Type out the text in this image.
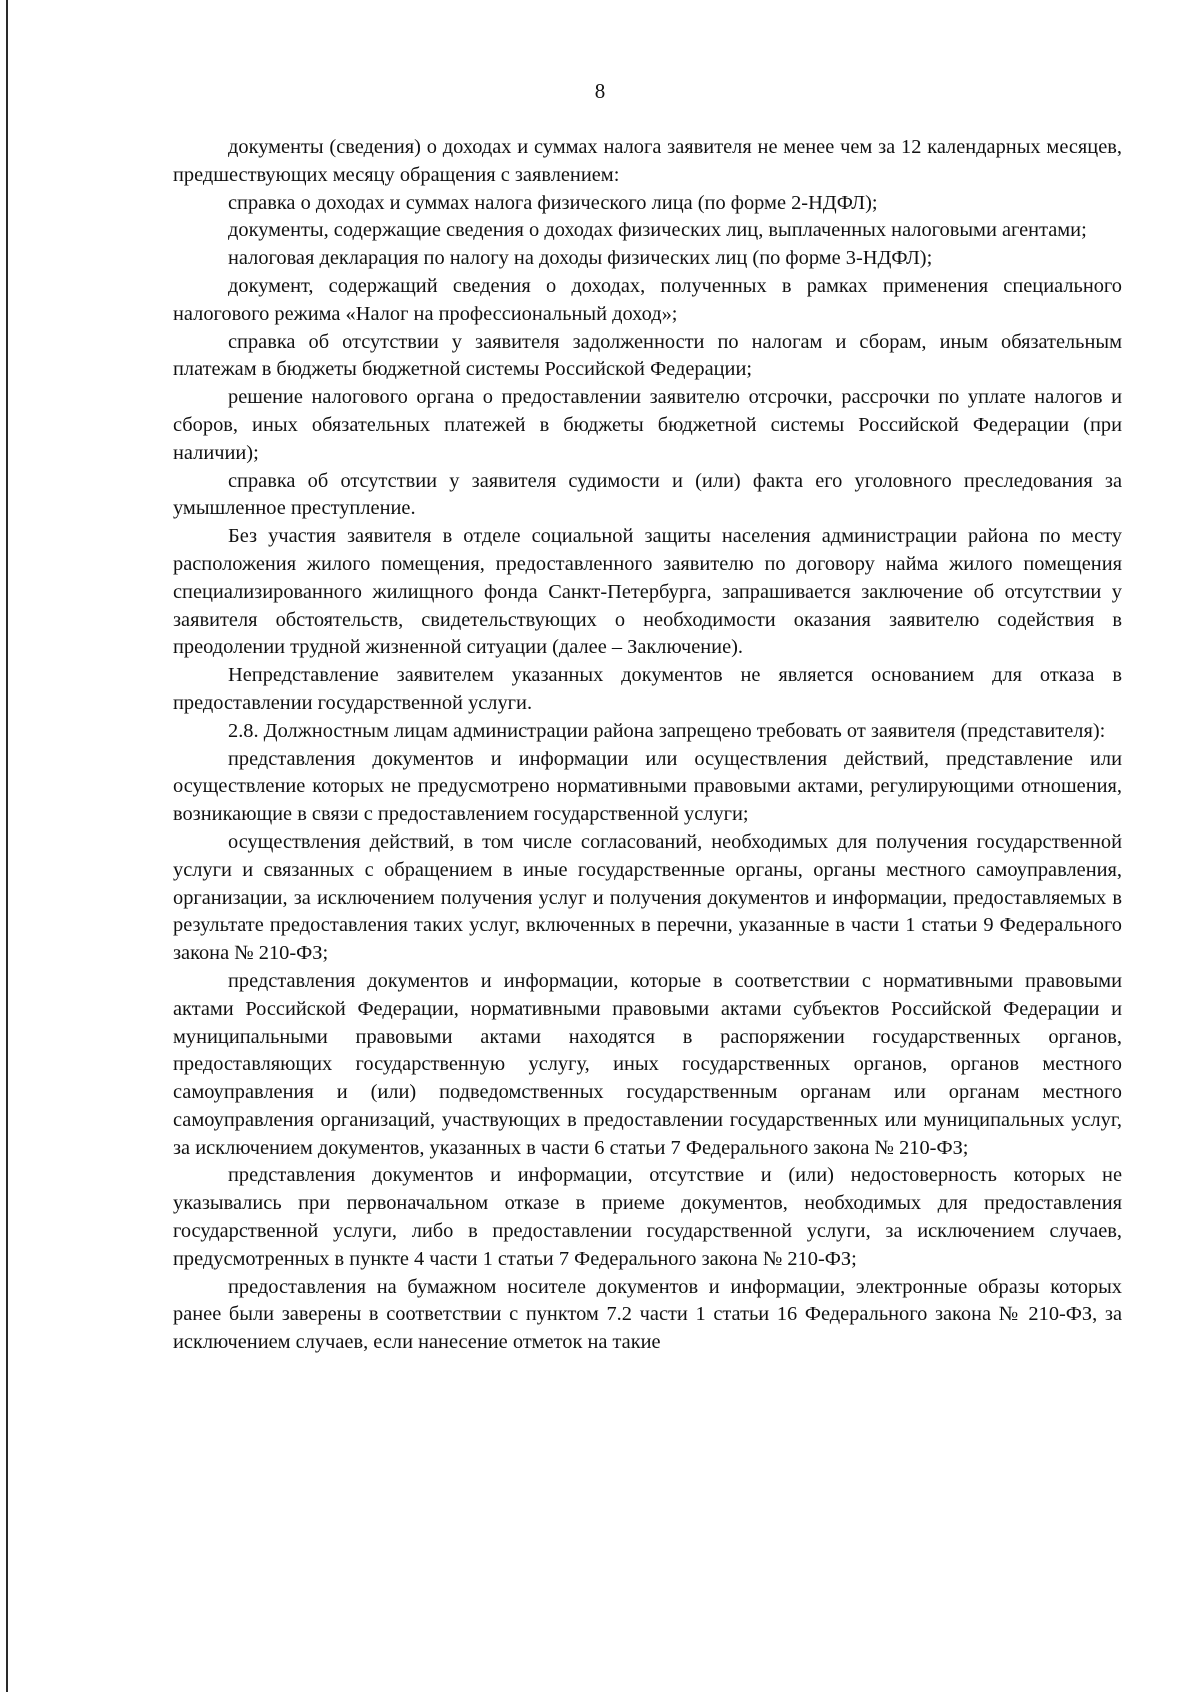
8

документы (сведения) о доходах и суммах налога заявителя не менее чем за 12 календарных месяцев, предшествующих месяцу обращения с заявлением:

справка о доходах и суммах налога физического лица (по форме 2-НДФЛ);

документы, содержащие сведения о доходах физических лиц, выплаченных налоговыми агентами;

налоговая декларация по налогу на доходы физических лиц (по форме 3-НДФЛ);

документ, содержащий сведения о доходах, полученных в рамках применения специального налогового режима «Налог на профессиональный доход»;

справка об отсутствии у заявителя задолженности по налогам и сборам, иным обязательным платежам в бюджеты бюджетной системы Российской Федерации;

решение налогового органа о предоставлении заявителю отсрочки, рассрочки по уплате налогов и сборов, иных обязательных платежей в бюджеты бюджетной системы Российской Федерации (при наличии);

справка об отсутствии у заявителя судимости и (или) факта его уголовного преследования за умышленное преступление.

Без участия заявителя в отделе социальной защиты населения администрации района по месту расположения жилого помещения, предоставленного заявителю по договору найма жилого помещения специализированного жилищного фонда Санкт-Петербурга, запрашивается заключение об отсутствии у заявителя обстоятельств, свидетельствующих о необходимости оказания заявителю содействия в преодолении трудной жизненной ситуации (далее – Заключение).

Непредставление заявителем указанных документов не является основанием для отказа в предоставлении государственной услуги.

2.8. Должностным лицам администрации района запрещено требовать от заявителя (представителя):

представления документов и информации или осуществления действий, представление или осуществление которых не предусмотрено нормативными правовыми актами, регулирующими отношения, возникающие в связи с предоставлением государственной услуги;

осуществления действий, в том числе согласований, необходимых для получения государственной услуги и связанных с обращением в иные государственные органы, органы местного самоуправления, организации, за исключением получения услуг и получения документов и информации, предоставляемых в результате предоставления таких услуг, включенных в перечни, указанные в части 1 статьи 9 Федерального закона № 210-ФЗ;

представления документов и информации, которые в соответствии с нормативными правовыми актами Российской Федерации, нормативными правовыми актами субъектов Российской Федерации и муниципальными правовыми актами находятся в распоряжении государственных органов, предоставляющих государственную услугу, иных государственных органов, органов местного самоуправления и (или) подведомственных государственным органам или органам местного самоуправления организаций, участвующих в предоставлении государственных или муниципальных услуг, за исключением документов, указанных в части 6 статьи 7 Федерального закона № 210-ФЗ;

представления документов и информации, отсутствие и (или) недостоверность которых не указывались при первоначальном отказе в приеме документов, необходимых для предоставления государственной услуги, либо в предоставлении государственной услуги, за исключением случаев, предусмотренных в пункте 4 части 1 статьи 7 Федерального закона № 210-ФЗ;

предоставления на бумажном носителе документов и информации, электронные образы которых ранее были заверены в соответствии с пунктом 7.2 части 1 статьи 16 Федерального закона № 210-ФЗ, за исключением случаев, если нанесение отметок на такие
